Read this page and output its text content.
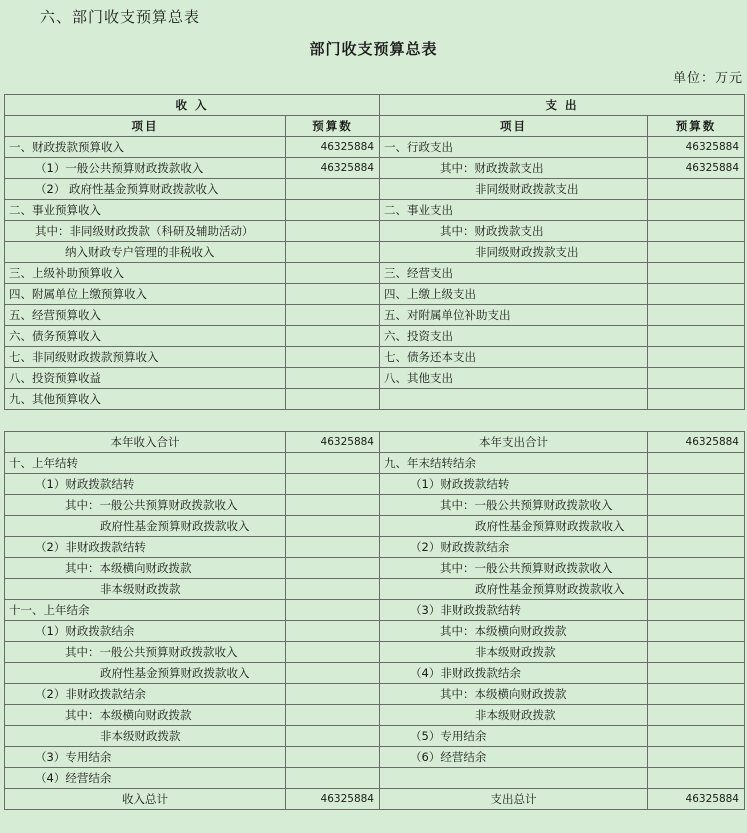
六、部门收支预算总表
部门收支预算总表
单位：万元
收 入		支 出	
项目	预算数	项目	预算数
一、财政拨款预算收入	46325884	一、行政支出	46325884
（1）一般公共预算财政拨款收入	46325884	其中：财政拨款支出	46325884
（2） 政府性基金预算财政拨款收入		非同级财政拨款支出	
二、事业预算收入		二、事业支出	
其中：非同级财政拨款（科研及辅助活动）		其中：财政拨款支出	
纳入财政专户管理的非税收入		非同级财政拨款支出	
三、上级补助预算收入		三、经营支出	
四、附属单位上缴预算收入		四、上缴上级支出	
五、经营预算收入		五、对附属单位补助支出	
六、债务预算收入		六、投资支出	
七、非同级财政拨款预算收入		七、债务还本支出	
八、投资预算收益		八、其他支出	
九、其他预算收入			
本年收入合计	46325884	本年支出合计	46325884
十、上年结转		九、年末结转结余	
（1）财政拨款结转		（1）财政拨款结转	
其中：一般公共预算财政拨款收入		其中：一般公共预算财政拨款收入	
政府性基金预算财政拨款收入		政府性基金预算财政拨款收入	
（2）非财政拨款结转		（2）财政拨款结余	
其中：本级横向财政拨款		其中：一般公共预算财政拨款收入	
非本级财政拨款		政府性基金预算财政拨款收入	
十一、上年结余		（3）非财政拨款结转	
（1）财政拨款结余		其中：本级横向财政拨款	
其中：一般公共预算财政拨款收入		非本级财政拨款	
政府性基金预算财政拨款收入		（4）非财政拨款结余	
（2）非财政拨款结余		其中：本级横向财政拨款	
其中：本级横向财政拨款		非本级财政拨款	
非本级财政拨款		（5）专用结余	
（3）专用结余		（6）经营结余	
（4）经营结余			
收入总计	46325884	支出总计	46325884
